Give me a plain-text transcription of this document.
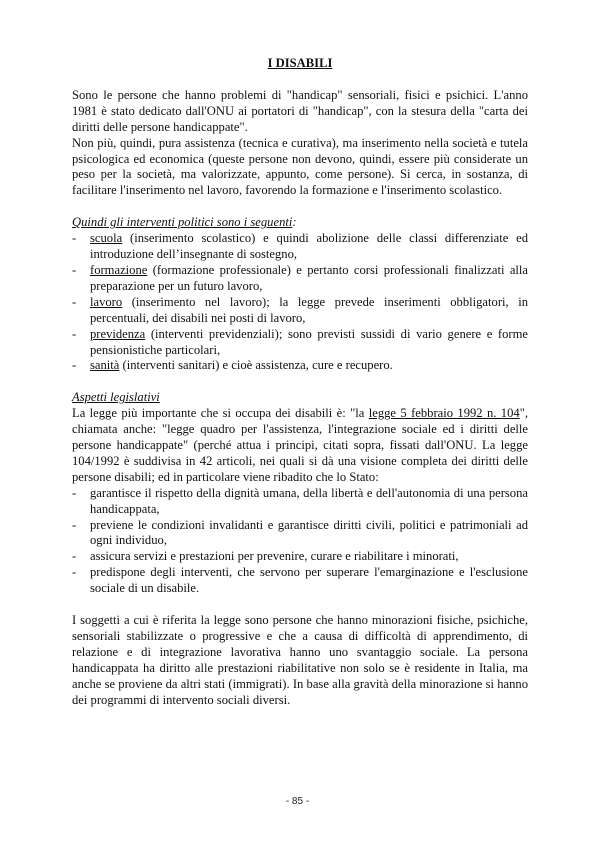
I DISABILI

Sono le persone che hanno problemi di "handicap" sensoriali, fisici e psichici. L'anno 1981 è stato dedicato dall'ONU ai portatori di "handicap", con la stesura della "carta dei diritti delle persone handicappate".

Non più, quindi, pura assistenza (tecnica e curativa), ma inserimento nella società e tutela psicologica ed economica (queste persone non devono, quindi, essere più considerate un peso per la società, ma valorizzate, appunto, come persone). Si cerca, in sostanza, di facilitare l'inserimento nel lavoro, favorendo la formazione e l'inserimento scolastico.

Quindi gli interventi politici sono i seguenti:
- scuola (inserimento scolastico) e quindi abolizione delle classi differenziate ed introduzione dell’insegnante di sostegno,
- formazione (formazione professionale) e pertanto corsi professionali finalizzati alla preparazione per un futuro lavoro,
- lavoro (inserimento nel lavoro); la legge prevede inserimenti obbligatori, in percentuali, dei disabili nei posti di lavoro,
- previdenza (interventi previdenziali); sono previsti sussidi di vario genere e forme pensionistiche particolari,
- sanità (interventi sanitari) e cioè assistenza, cure e recupero.
Aspetti legislativi

La legge più importante che si occupa dei disabili è: "la legge 5 febbraio 1992 n. 104", chiamata anche: "legge quadro per l'assistenza, l'integrazione sociale ed i diritti delle persone handicappate" (perché attua i principi, citati sopra, fissati dall'ONU. La legge 104/1992 è suddivisa in 42 articoli, nei quali si dà una visione completa dei diritti delle persone disabili; ed in particolare viene ribadito che lo Stato:

- garantisce il rispetto della dignità umana, della libertà e dell'autonomia di una persona handicappata,
- previene le condizioni invalidanti e garantisce diritti civili, politici e patrimoniali ad ogni individuo,
- assicura servizi e prestazioni per prevenire, curare e riabilitare i minorati,
- predispone degli interventi, che servono per superare l'emarginazione e l'esclusione sociale di un disabile.

I soggetti a cui è riferita la legge sono persone che hanno minorazioni fisiche, psichiche, sensoriali stabilizzate o progressive e che a causa di difficoltà di apprendimento, di relazione e di integrazione lavorativa hanno uno svantaggio sociale. La persona handicappata ha diritto alle prestazioni riabilitative non solo se è residente in Italia, ma anche se proviene da altri stati (immigrati). In base alla gravità della minorazione si hanno dei programmi di intervento sociali diversi.

- 85 -
